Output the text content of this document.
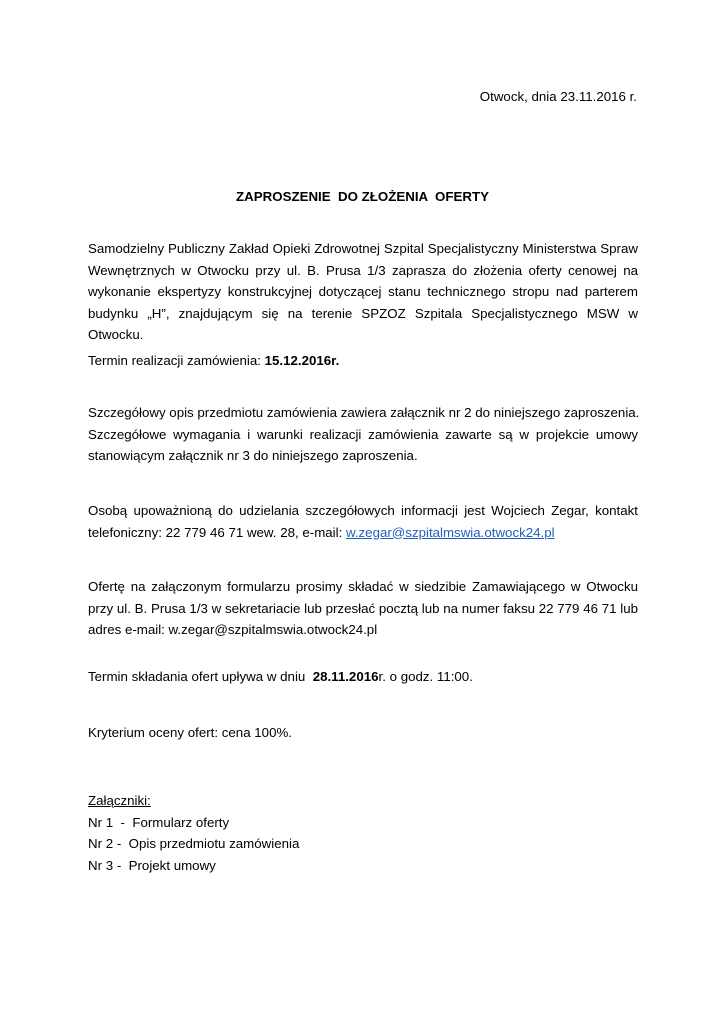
Otwock, dnia 23.11.2016 r.

ZAPROSZENIE  DO ZŁOŻENIA  OFERTY

Samodzielny Publiczny Zakład Opieki Zdrowotnej Szpital Specjalistyczny Ministerstwa Spraw Wewnętrznych w Otwocku przy ul. B. Prusa 1/3 zaprasza do złożenia oferty cenowej na wykonanie ekspertyzy konstrukcyjnej dotyczącej stanu technicznego stropu nad parterem budynku „H”, znajdującym się na terenie SPZOZ Szpitala Specjalistycznego MSW w Otwocku.

Termin realizacji zamówienia: 15.12.2016r.

Szczegółowy opis przedmiotu zamówienia zawiera załącznik nr 2 do niniejszego zaproszenia.
Szczegółowe wymagania i warunki realizacji zamówienia zawarte są w projekcie umowy stanowiącym załącznik nr 3 do niniejszego zaproszenia.

Osobą upoważnioną do udzielania szczegółowych informacji jest Wojciech Zegar, kontakt telefoniczny: 22 779 46 71 wew. 28, e-mail: w.zegar@szpitalmswia.otwock24.pl

Ofertę na załączonym formularzu prosimy składać w siedzibie Zamawiającego w Otwocku przy ul. B. Prusa 1/3 w sekretariacie lub przesłać pocztą lub na numer faksu 22 779 46 71 lub adres e-mail: w.zegar@szpitalmswia.otwock24.pl

Termin składania ofert upływa w dniu  28.11.2016r. o godz. 11:00.

Kryterium oceny ofert: cena 100%.

Załączniki:

Nr 1  -  Formularz oferty

Nr 2 -  Opis przedmiotu zamówienia

Nr 3 -  Projekt umowy
